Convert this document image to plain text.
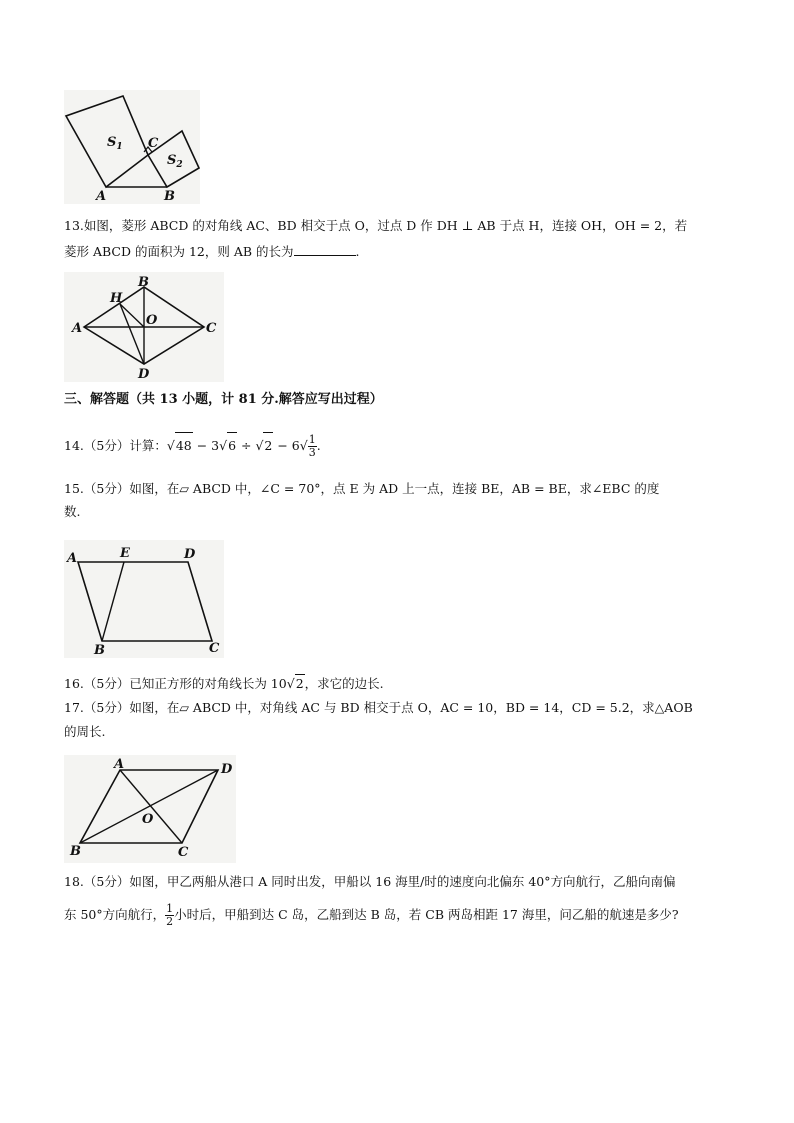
$S_1$
$S_2$
C
A	B
13.如图，菱形 ABCD 的对角线 AC、BD 相交于点 O，过点 D 作 DH ⊥ AB 于点 H，连接 OH，OH = 2，若
菱形 ABCD 的面积为 12，则 AB 的长为	.
A
B
C
D
H
O
三、解答题（共 13 小题，计 81 分.解答应写出过程）
14.（5分）计算：$√48 - 3√6 \div √2 - 6√ \frac{1}{3}$ .
15.（5分）如图，在▱ ABCD 中，∠C = 70°，点 E 为 AD 上一点，连接 BE，AB = BE，求∠EBC 的度
数.
A	E	D
B	C
16.（5分）已知正方形的对角线长为 10√2，求它的边长.
17.（5分）如图，在▱ ABCD 中，对角线 AC 与 BD 相交于点 O，AC = 10，BD = 14，CD = 5.2，求△AOB
的周长.
A	D
O
B	C
18.（5分）如图，甲乙两船从港口 A 同时出发，甲船以 16 海里/时的速度向北偏东 40°方向航行，乙船向南偏
东 50°方向航行， $\frac{1}{2}$ 小时后，甲船到达 C 岛，乙船到达 B 岛，若 CB 两岛相距 17 海里，问乙船的航速是多少?
